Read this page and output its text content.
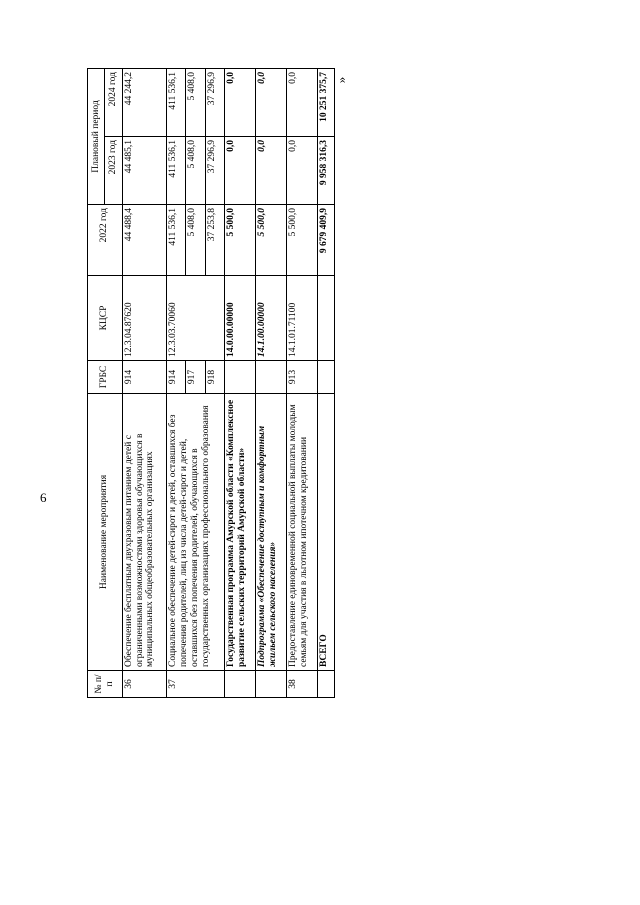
6
»
№ п/п	Наименование мероприятия	ГРБС	КЦСР	2022 год	Плановый период	
					2023 год	2024 год
36	Обеспечение бесплатным двухразовым питанием детей с ограниченными возможностями здоровья обучающихся в муниципальных общеобразовательных организациях	914	12.3.04.87620	44 488,4	44 485,1	44 244,2
37	Социальное обеспечение детей-сирот и детей, оставшихся без попечения родителей, лиц из числа детей-сирот и детей, оставшихся без попечения родителей, обучающихся в государственных организациях профессионального образования	914	12.3.03.70060	411 536,1	411 536,1	411 536,1
		917		5 408,0	5 408,0	5 408,0
		918		37 253,8	37 296,9	37 296,9
	Государственная программа Амурской области «Комплексное развитие сельских территорий Амурской области»		14.0.00.00000	5 500,0	0,0	0,0
	Подпрограмма «Обеспечение доступным и комфортным жильем сельского населения»		14.1.00.00000	5 500,0	0,0	0,0
38	Предоставление единовременной социальной выплаты молодым семьям для участия в льготном ипотечном кредитовании	913	14.1.01.71100	5 500,0	0,0	0,0
	ВСЕГО			9 679 409,9	9 958 316,3	10 251 375,7
